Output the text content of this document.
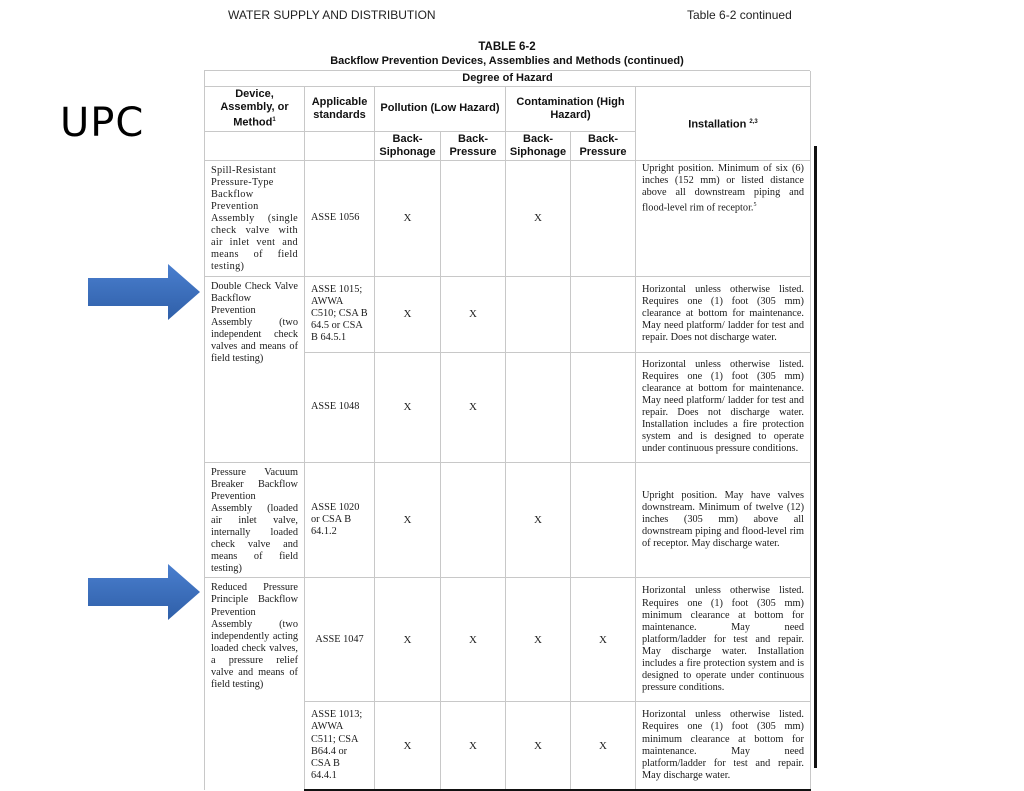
UPC
WATER SUPPLY AND DISTRIBUTION	Table 6-2 continued
TABLE 6-2
Backflow Prevention Devices, Assemblies and Methods (continued)
Degree of Hazard						
Device, Assembly, or Method$^1$	Applicable standards	Pollution (Low Hazard)		Contamination (High Hazard)		Installation $^{2,3}$
		Back-Siphonage	Back-Pressure	Back-Siphonage	Back-Pressure	
Spill-Resistant Pressure-Type Backflow Prevention Assembly (single check valve with air inlet vent and means of field testing)	ASSE 1056	X		X		Upright position. Minimum of six (6) inches (152 mm) or listed distance above all downstream piping and flood-level rim of receptor.$^5$
Double Check Valve Backflow Prevention Assembly (two independent check valves and means of field testing)	ASSE 1015; AWWA C510; CSA B 64.5 or CSA B 64.5.1	X	X			Horizontal unless otherwise listed. Requires one (1) foot (305 mm) clearance at bottom for maintenance. May need platform/ ladder for test and repair. Does not discharge water.
	ASSE 1048	X	X			Horizontal unless otherwise listed. Requires one (1) foot (305 mm) clearance at bottom for maintenance. May need platform/ ladder for test and repair. Does not discharge water. Installation includes a fire protection system and is designed to operate under continuous pressure conditions.
Pressure Vacuum Breaker Backflow Prevention Assembly (loaded air inlet valve, internally loaded check valve and means of field testing)	ASSE 1020 or CSA B 64.1.2	X		X		Upright position. May have valves downstream. Minimum of twelve (12) inches (305 mm) above all downstream piping and flood-level rim of receptor. May discharge water.
Reduced Pressure Principle Backflow Prevention Assembly (two independently acting loaded check valves, a pressure relief valve and means of field testing)	ASSE 1047	X	X	X	X	Horizontal unless otherwise listed. Requires one (1) foot (305 mm) minimum clearance at bottom for maintenance. May need platform/ladder for test and repair. May discharge water. Installation includes a fire protection system and is designed to operate under continuous pressure conditions.
	ASSE 1013; AWWA C511; CSA B64.4 or CSA B 64.4.1	X	X	X	X	Horizontal unless otherwise listed. Requires one (1) foot (305 mm) minimum clearance at bottom for maintenance. May need platform/ladder for test and repair. May discharge water.
